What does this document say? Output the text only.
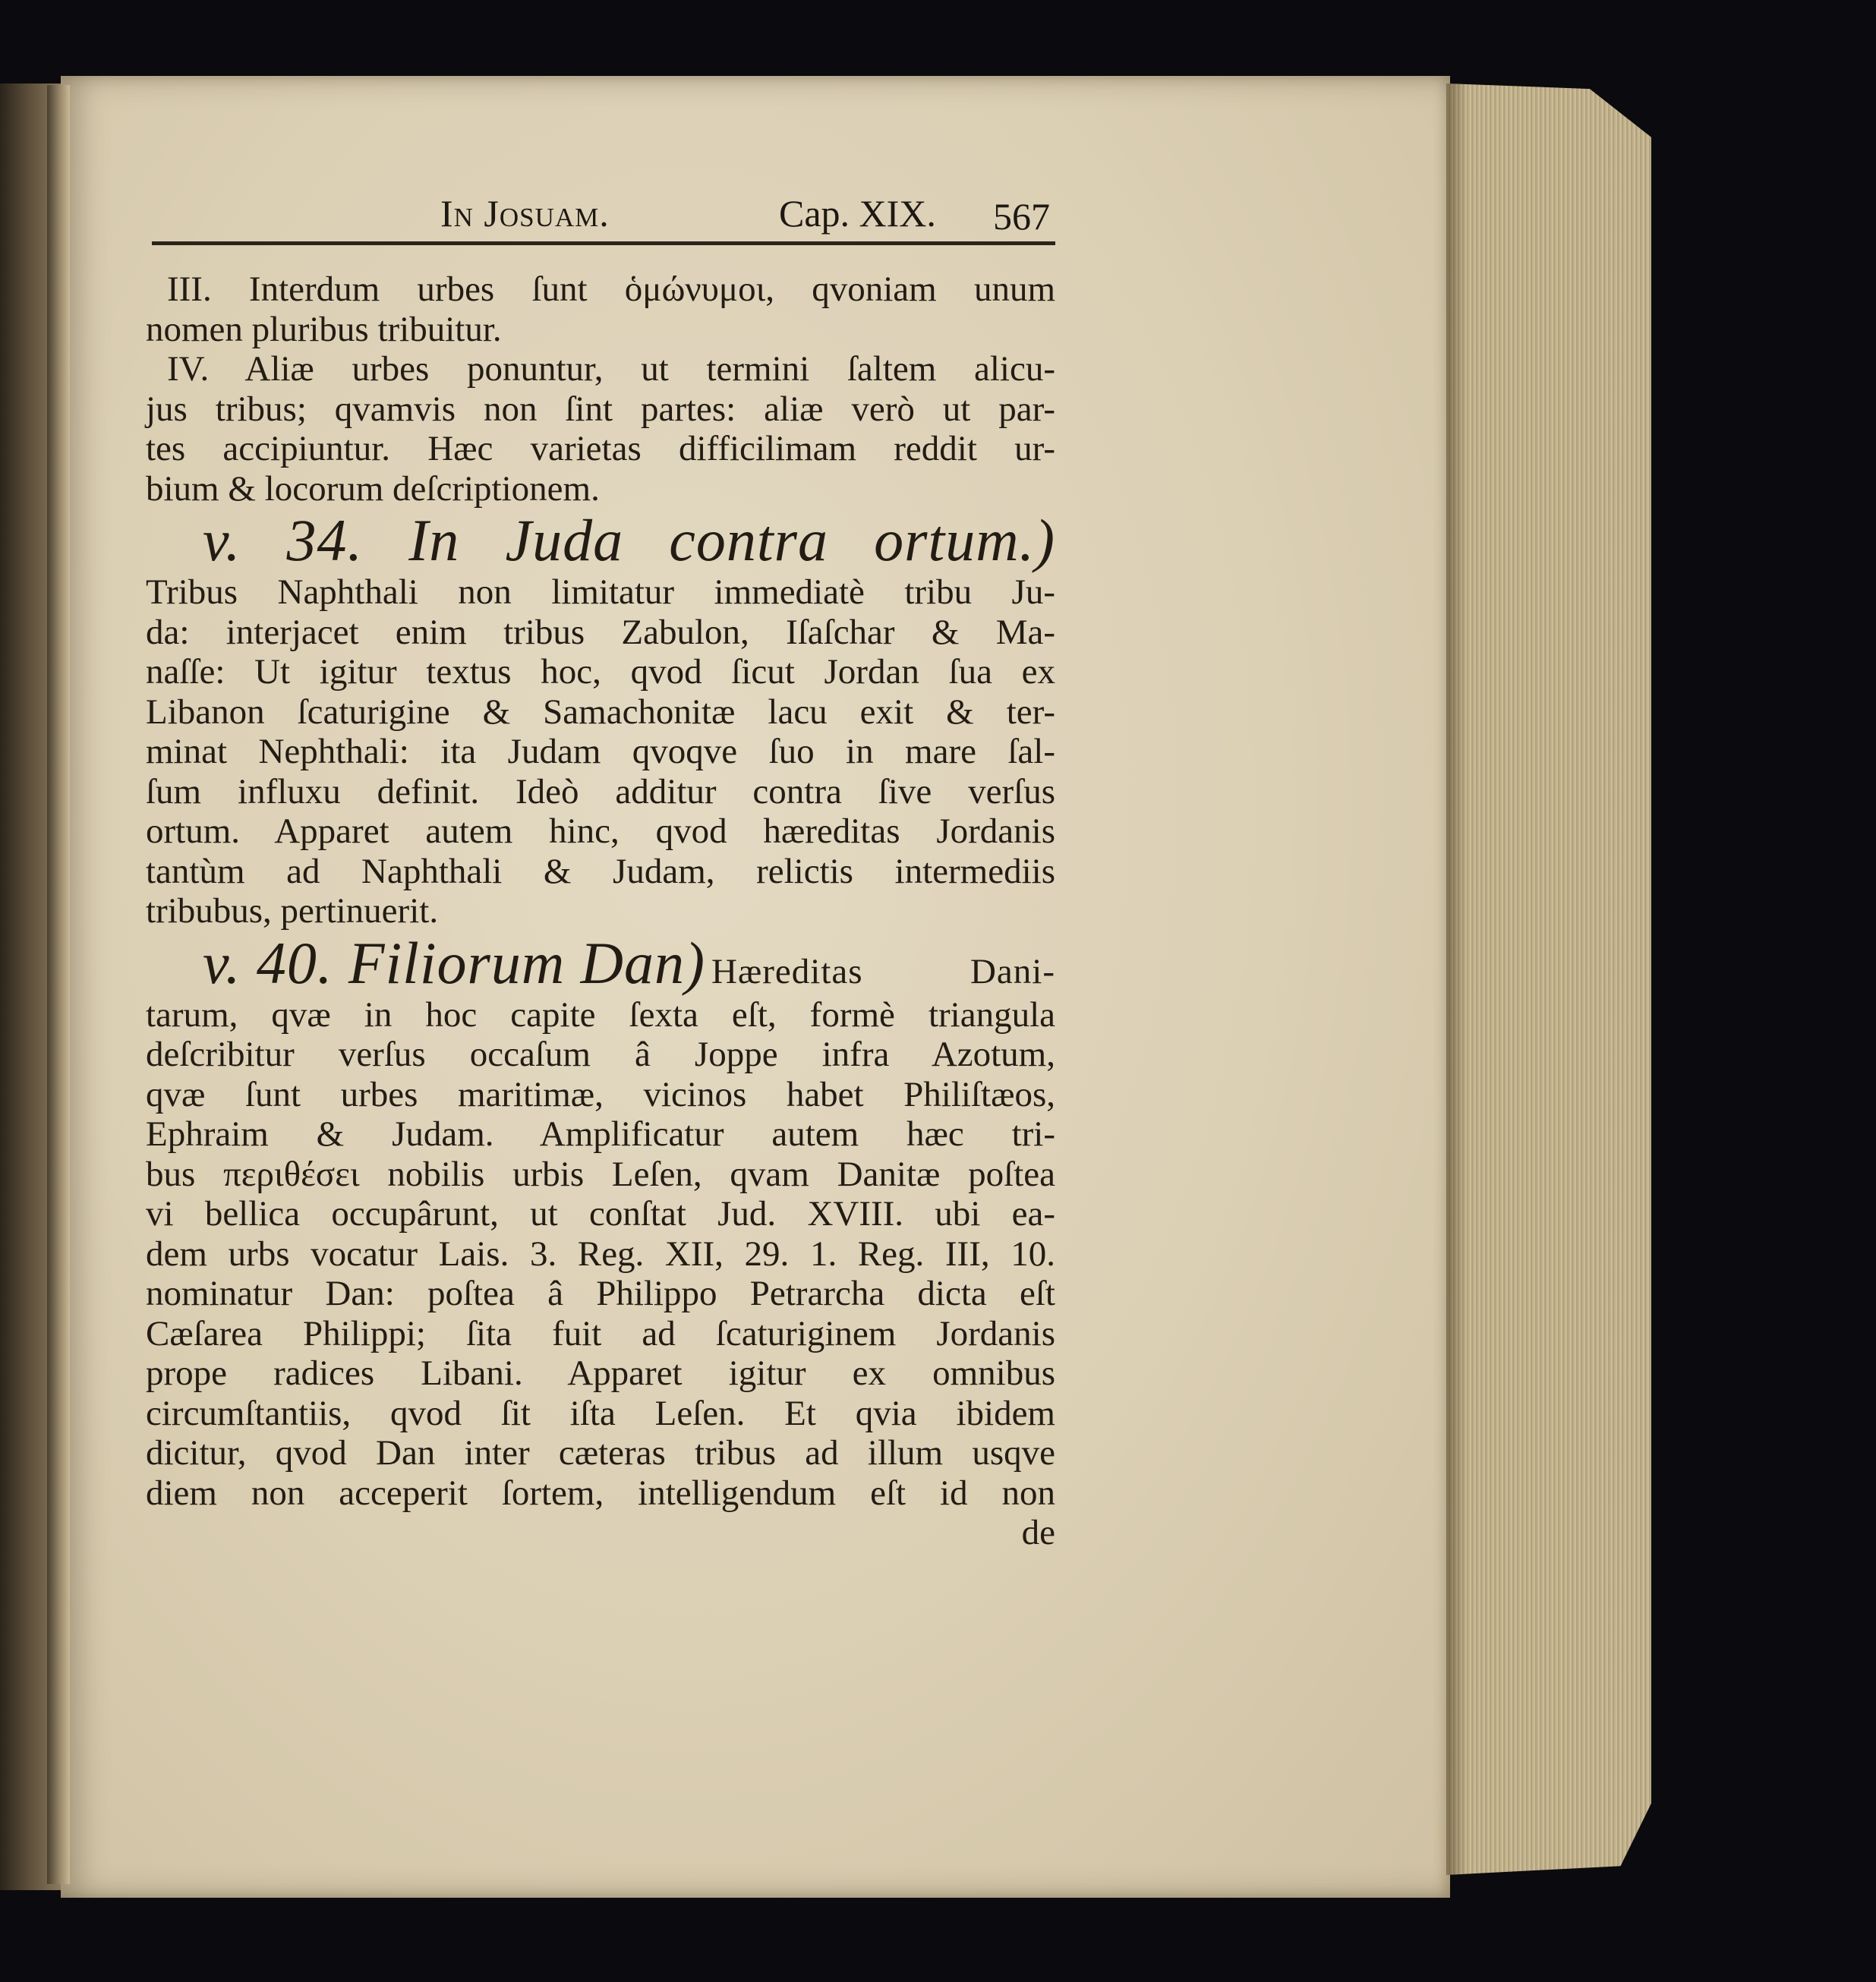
In Josuam.	Cap. XIX. 567
III. Interdum urbes ſunt ὁμώνυμοι, qvoniam unum
nomen pluribus tribuitur.
IV. Aliæ urbes ponuntur, ut termini ſaltem alicu-
jus tribus; qvamvis non ſint partes: aliæ verò ut par-
tes accipiuntur. Hæc varietas difficilimam reddit ur-
bium & locorum deſcriptionem.
v. 34. In Juda contra ortum.)
Tribus Naphthali non limitatur immediatè tribu Ju-
da: interjacet enim tribus Zabulon, Iſaſchar & Ma-
naſſe: Ut igitur textus hoc, qvod ſicut Jordan ſua ex
Libanon ſcaturigine & Samachonitæ lacu exit & ter-
minat Nephthali: ita Judam qvoqve ſuo in mare ſal-
ſum influxu definit. Ideò additur contra ſive verſus
ortum. Apparet autem hinc, qvod hæreditas Jordanis
tantùm ad Naphthali & Judam, relictis intermediis
tribubus, pertinuerit.
v. 40. Filiorum Dan) Hæreditas Dani-
tarum, qvæ in hoc capite ſexta eſt, formè triangula
deſcribitur verſus occaſum â Joppe infra Azotum,
qvæ ſunt urbes maritimæ, vicinos habet Philiſtæos,
Ephraim & Judam. Amplificatur autem hæc tri-
bus περιθέσει nobilis urbis Leſen, qvam Danitæ poſtea
vi bellica occupârunt, ut conſtat Jud. XVIII. ubi ea-
dem urbs vocatur Lais. 3. Reg. XII, 29. 1. Reg. III, 10.
nominatur Dan: poſtea â Philippo Petrarcha dicta eſt
Cæſarea Philippi; ſita fuit ad ſcaturiginem Jordanis
prope radices Libani. Apparet igitur ex omnibus
circumſtantiis, qvod ſit iſta Leſen. Et qvia ibidem
dicitur, qvod Dan inter cæteras tribus ad illum usqve
diem non acceperit ſortem, intelligendum eſt id non
de
